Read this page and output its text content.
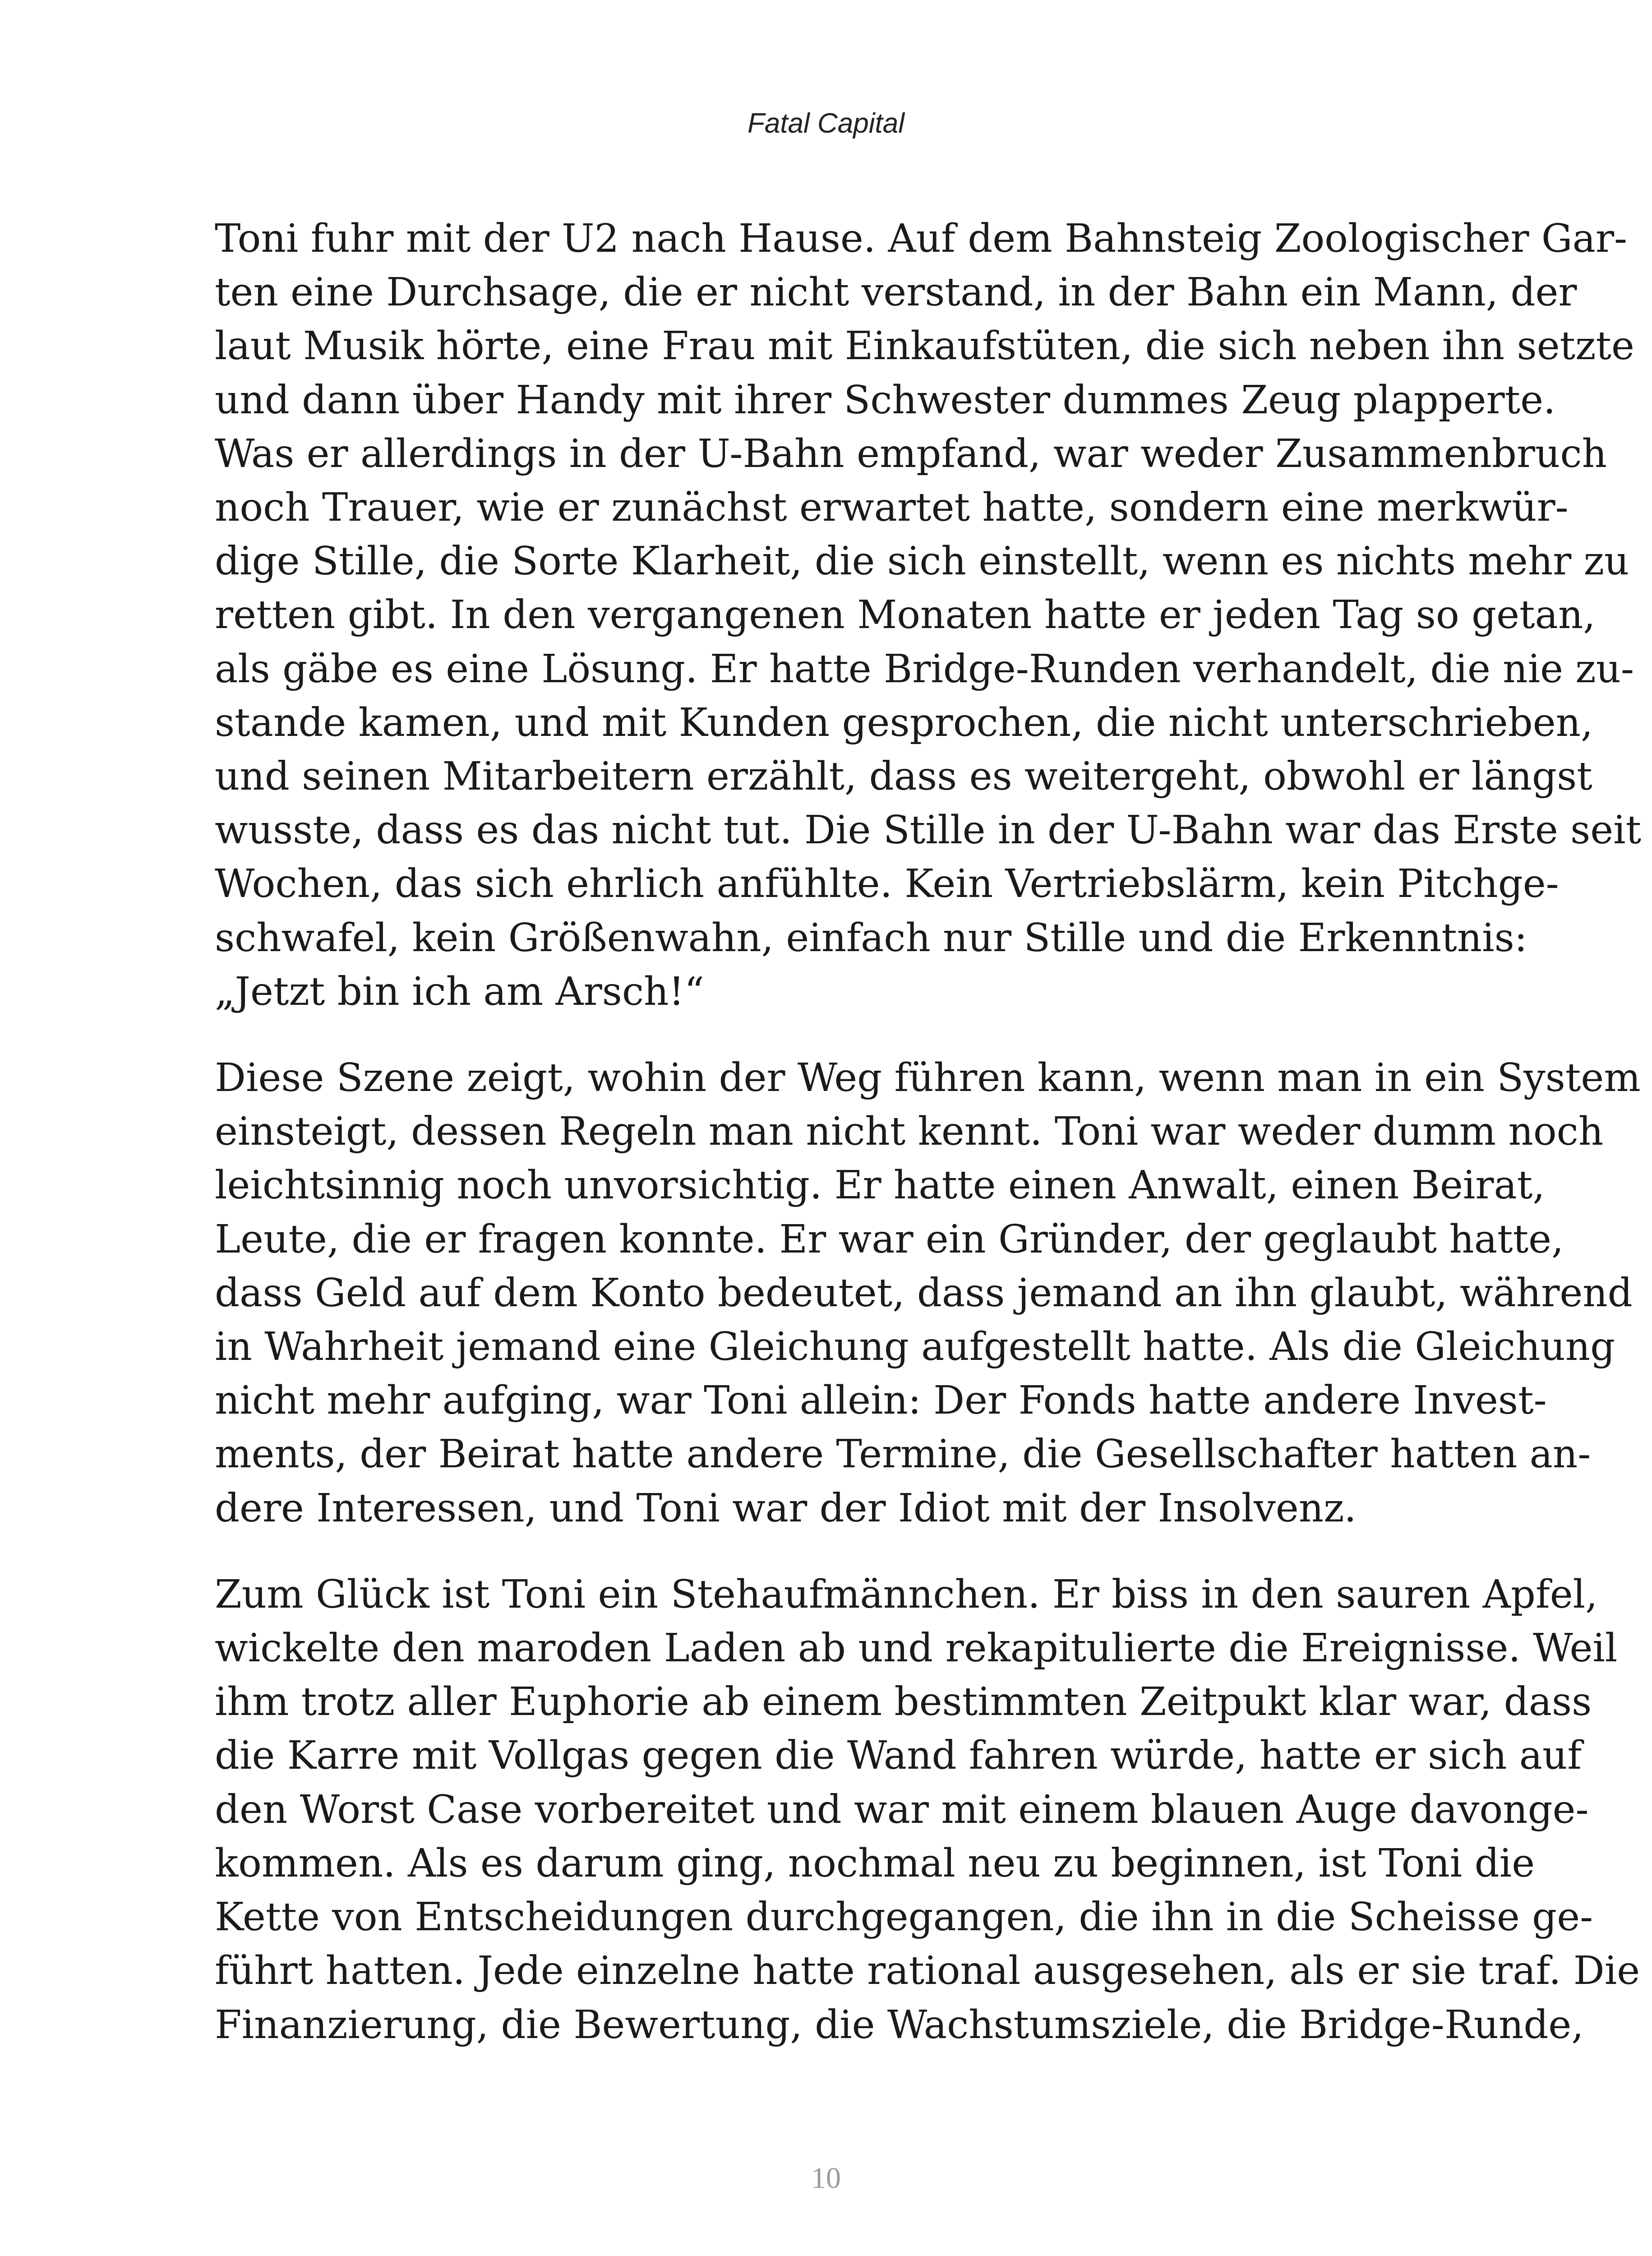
Fatal Capital

Toni fuhr mit der U2 nach Hause. Auf dem Bahnsteig Zoologischer Gar-
ten eine Durchsage, die er nicht verstand, in der Bahn ein Mann, der
laut Musik hörte, eine Frau mit Einkaufstüten, die sich neben ihn setzte
und dann über Handy mit ihrer Schwester dummes Zeug plapperte.
Was er allerdings in der U-Bahn empfand, war weder Zusammenbruch
noch Trauer, wie er zunächst erwartet hatte, sondern eine merkwür-
dige Stille, die Sorte Klarheit, die sich einstellt, wenn es nichts mehr zu
retten gibt. In den vergangenen Monaten hatte er jeden Tag so getan,
als gäbe es eine Lösung. Er hatte Bridge-Runden verhandelt, die nie zu-
stande kamen, und mit Kunden gesprochen, die nicht unterschrieben,
und seinen Mitarbeitern erzählt, dass es weitergeht, obwohl er längst
wusste, dass es das nicht tut. Die Stille in der U-Bahn war das Erste seit
Wochen, das sich ehrlich anfühlte. Kein Vertriebslärm, kein Pitchge-
schwafel, kein Größenwahn, einfach nur Stille und die Erkenntnis:
„Jetzt bin ich am Arsch!“

Diese Szene zeigt, wohin der Weg führen kann, wenn man in ein System
einsteigt, dessen Regeln man nicht kennt. Toni war weder dumm noch
leichtsinnig noch unvorsichtig. Er hatte einen Anwalt, einen Beirat,
Leute, die er fragen konnte. Er war ein Gründer, der geglaubt hatte,
dass Geld auf dem Konto bedeutet, dass jemand an ihn glaubt, während
in Wahrheit jemand eine Gleichung aufgestellt hatte. Als die Gleichung
nicht mehr aufging, war Toni allein: Der Fonds hatte andere Invest-
ments, der Beirat hatte andere Termine, die Gesellschafter hatten an-
dere Interessen, und Toni war der Idiot mit der Insolvenz.

Zum Glück ist Toni ein Stehaufmännchen. Er biss in den sauren Apfel,
wickelte den maroden Laden ab und rekapitulierte die Ereignisse. Weil
ihm trotz aller Euphorie ab einem bestimmten Zeitpukt klar war, dass
die Karre mit Vollgas gegen die Wand fahren würde, hatte er sich auf
den Worst Case vorbereitet und war mit einem blauen Auge davonge-
kommen. Als es darum ging, nochmal neu zu beginnen, ist Toni die
Kette von Entscheidungen durchgegangen, die ihn in die Scheisse ge-
führt hatten. Jede einzelne hatte rational ausgesehen, als er sie traf. Die
Finanzierung, die Bewertung, die Wachstumsziele, die Bridge-Runde,

10
